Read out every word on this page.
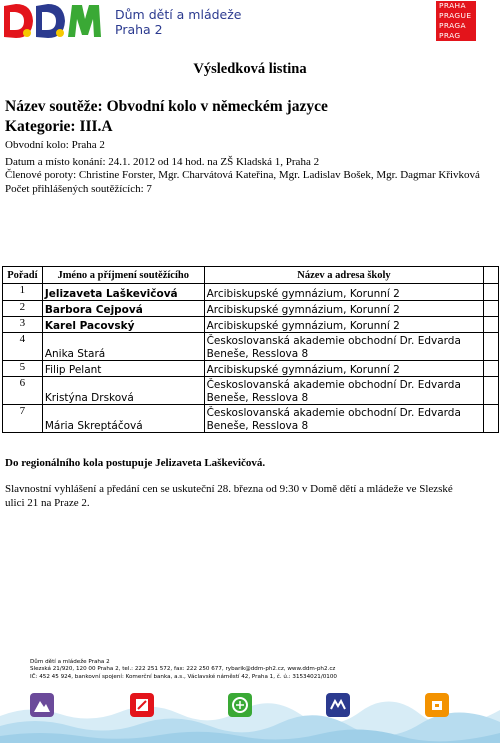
Dům dětí a mládeže
Praha 2
PRAHA
PRAGUE
PRAGA
PRAG
Výsledková listina
Název soutěže: Obvodní kolo v německém jazyce
Kategorie: III.A
Obvodní kolo: Praha 2
Datum a místo konání: 24.1. 2012 od 14 hod. na ZŠ Kladská 1, Praha 2
Členové poroty: Christine Forster, Mgr. Charvátová Kateřina, Mgr. Ladislav Bošek, Mgr. Dagmar Křivková
Počet přihlášených soutěžících: 7
Pořadí	Jméno a příjmení soutěžícího	Název a adresa školy	
1	Jelizaveta Laškevičová	Arcibiskupské gymnázium, Korunní 2	
2	Barbora Cejpová	Arcibiskupské gymnázium, Korunní 2	
3	Karel Pacovský	Arcibiskupské gymnázium, Korunní 2	
4	Anika Stará	Českoslovanská akademie obchodní Dr. Edvarda Beneše, Resslova 8	
5	Filip Pelant	Arcibiskupské gymnázium, Korunní 2	
6	Kristýna Drsková	Českoslovanská akademie obchodní Dr. Edvarda Beneše, Resslova 8	
7	Mária Skreptáčová	Českoslovanská akademie obchodní Dr. Edvarda Beneše, Resslova 8	
Do regionálního kola postupuje Jelizaveta Laškevičová.
Slavnostní vyhlášení a předání cen se uskuteční 28. března od 9:30 v Domě dětí a mládeže ve Slezské ulici 21 na Praze 2.
Dům dětí a mládeže Praha 2
Slezská 21/920, 120 00 Praha 2, tel.: 222 251 572, fax: 222 250 677, rybarik@ddm-ph2.cz, www.ddm-ph2.cz
IČ: 452 45 924, bankovní spojení: Komerční banka, a.s., Václavské náměstí 42, Praha 1, č. ú.: 31534021/0100
